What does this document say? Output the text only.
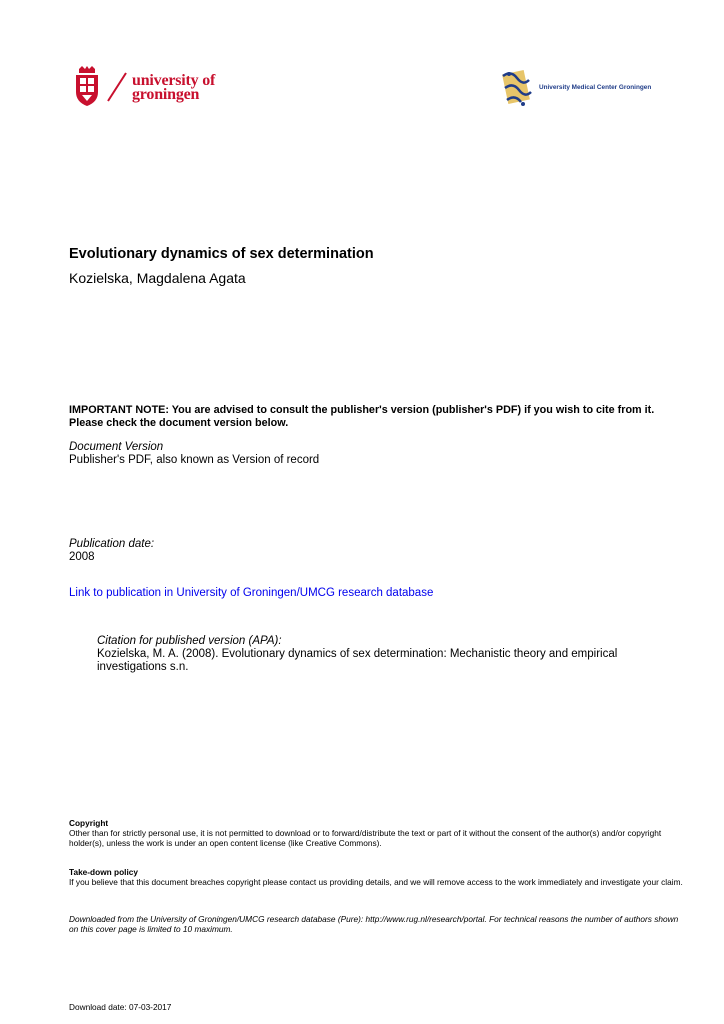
university of
groningen	University Medical Center Groningen
Evolutionary dynamics of sex determination
Kozielska, Magdalena Agata
IMPORTANT NOTE: You are advised to consult the publisher's version (publisher's PDF) if you wish to cite from it. Please check the document version below.
Document Version
Publisher's PDF, also known as Version of record
Publication date:
2008
Link to publication in University of Groningen/UMCG research database
Citation for published version (APA):
Kozielska, M. A. (2008). Evolutionary dynamics of sex determination: Mechanistic theory and empirical investigations s.n.
Copyright
Other than for strictly personal use, it is not permitted to download or to forward/distribute the text or part of it without the consent of the author(s) and/or copyright holder(s), unless the work is under an open content license (like Creative Commons).
Take-down policy
If you believe that this document breaches copyright please contact us providing details, and we will remove access to the work immediately and investigate your claim.
Downloaded from the University of Groningen/UMCG research database (Pure): http://www.rug.nl/research/portal. For technical reasons the number of authors shown on this cover page is limited to 10 maximum.
Download date: 07-03-2017
